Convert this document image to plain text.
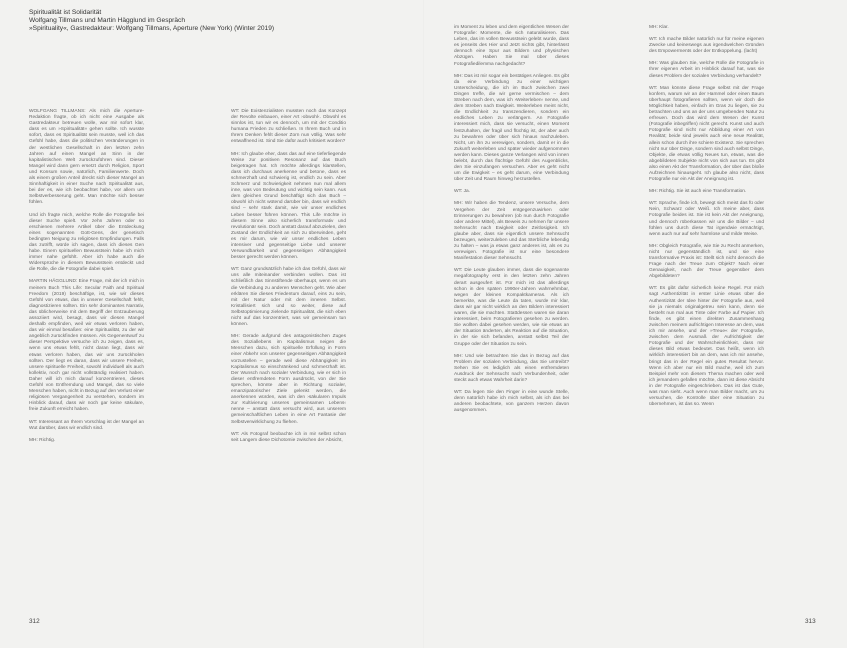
Spiritualität ist Solidarität
Wolfgang Tillmans und Martin Hägglund im Gespräch
»Spirituality«, Gastredakteur: Wolfgang Tillmans, Aperture (New York) (Winter 2019)

WOLFGANG TILLMANS: Als mich die Aperture-Redaktion fragte, ob ich nicht eine Ausgabe als Gastredakteur betreuen wolle, war mir sofort klar, dass es um »Spiritualität« gehen sollte. Ich wusste sofort, dass es Spiritualität sein musste, weil ich das Gefühl habe, dass die politischen Veränderungen in der westlichen Gesellschaft in den letzten zehn Jahren auf einen Mangel an Sinn in der kapitalistischen Welt zurückzuführen sind. Dieser Mangel wird dann gern ersetzt durch Religion, Sport und Konsum sowie, natürlich, Familienwerte. Doch als einem großen Anteil dreckt sich dieser Mangel an Sinnhaftigkeit in einer Suche nach Spiritualität aus, bei der es, wie ich beobachtet habe, vor allem um Selbstverbesserung geht. Man möchte sich besser fühlen.

Und ich fragte mich, welche Rolle die Fotografie bei dieser Suche spielt. Vor zehn Jahren oder so erschienen mehrere Artikel über die Entdeckung eines sogenannten Gott-Gens, der genetisch bedingten Neigung zu religiösen Empfindungen. Falls das zutrifft, würde ich sagen, dass ich dieses Gen habe. Einem spirituellen Bewusstsein habe ich mich immer nahe gefühlt. Aber ich habe auch die Widersprüche in diesem Bewusstsein entdeckt und die Rolle, die die Fotografie dabei spielt.

MARTIN HÄGGLUND: Eine Frage, mit der ich mich in meinem Buch This Life: Secular Faith and Spiritual Freedom (2019) beschäftige, ist, wie wir dieses Gefühl von etwas, das in unserer Gesellschaft fehlt, diagnostizieren sollten. Ein sehr dominantes Narrativ, das üblicherweise mit dem Begriff der Entzauberung assoziiert wird, besagt, dass wir diesen Mangel deshalb empfinden, weil wir etwas verloren haben, das wir einmal besaßen: eine Spiritualität, zu der wir angeblich zurückfinden müssen. Als Gegenentwurf zu dieser Perspektive versuche ich zu zeigen, dass es, wenn uns etwas fehlt, nicht daran liegt, dass wir etwas verloren haben, das wir uns zurückholen sollten. Der liegt es daran, dass wir unsere Freiheit, unsere spirituelle Freiheit, sowohl individuell als auch kollektiv, noch gar nicht vollständig realisiert haben. Daher will ich mich darauf konzentrieren, dieses Gefühl von Entfremdung und Mangel, das so viele Menschen haben, nicht in Bezug auf den Verlust einer religiösen Vergangenheit zu verstehen, sondern im Hinblick darauf, dass wir noch gar keine säkulare, freie Zukunft erreicht haben.

WT: Interessant an Ihrem Vorschlag ist der Mangel an Wut darüber, dass wir endlich sind.

MH: Richtig.

WT: Die Existenzialisten mussten noch das Konzept der Revolte einbauen, einer Art ›obwohl‹. Obwohl es sinnlos ist, tun wir es dennoch, um mit der Conditio humana Frieden zu schließen. In Ihrem Buch und in Ihrem Denken fehlt dieser Zorn nun völlig. Was sehr entwaffnend ist. Sind Sie dafür auch kritisiert worden?

MH: Ich glaube eher, dass das auf eine tieferliegende Weise zur positiven Resonanz auf das Buch beigetragen hat. Ich möchte allerdings klarstellen, dass ich durchaus anerkenne und betone, dass es schmerzhaft und schwierig ist, endlich zu sein. Aber Schmerz und Schwierigkeit nehmen nun mal allem inne, was von Bedeutung und wichtig sein kann. Aus dem gleichen Grund beschäftigt sich das Buch – obwohl ich nicht wütend darüber bin, dass wir endlich sind – sehr stark damit, wie wir unser endliches Leben besser führen können. This Life möchte in diesem Sinne also sicherlich transformativ und revolutionär sein. Doch anstatt darauf abzuzielen, den Zustand der Endlichkeit an sich zu überwinden, geht es mir darum, wie wir unser endliches Leben intensiver und gegenseitige Liebe und unserer Verwundbarkeit und gegenseitigen Abhängigkeit besser gerecht werden können.

WT: Ganz grundsätzlich habe ich das Gefühl, dass wir uns alle miteinander verbinden wollen. Das ist schließlich das Sinnstiftende überhaupt, wenn es um die Verbindung zu anderen Menschen geht. Wie aber erklären Sie dieses Friedentum darauf, eins zu sein, mit der Natur oder mit dem inneren Selbst. Kristallisiert sich und so weiter, diese auf Selbstoptimierung zielende Spiritualität, die sich eben nicht auf das konzentriert, was wir gemeinsam tun können.

MH: Gerade aufgrund des antagonistischen Zuges des Soziallebens im Kapitalismus neigen die Menschen dazu, sich spirituelle Erfüllung in Form einer Abkehr von unserer gegenseitigen Abhängigkeit vorzustellen – gerade weil diese Abhängigkeit im Kapitalismus so einschränkend und schmerzhaft ist. Der Wunsch nach sozialer Verbindung, wie er sich in dieser entfremdeten Form ausdrückt, von der Sie sprechen, könnte aber in Richtung sozialer, emanzipatorischer Ziele gelenkt werden, die anerkennen würden, was ich den ›säkularen Impuls zur Kultivierung unseres gemeinsamen Lebens‹ nenne – anstatt dass versucht wird, aus unserem gemeinschaftlichen Leben in eine Art Fantasie der Selbstverwirklichung zu fliehen.

WT: Als Fotograf beobachte ich in mir selbst schon seit Langem diese Dichotomie zwischen der Absicht,

im Moment zu leben und dem eigentlichen Wesen der Fotografie: Momente, die sich naturalisieren. Das Leben, das im vollen Bewusstsein gelebt wurde, dass es jenseits des Hier und Jetzt nichts gibt, hinterlässt dennoch eine Spur aus Bildern und physischen Abzügen. Haben Sie mal über dieses Fotografiedilemma nachgedacht?

MH: Das ist mir sogar ein bestätiges Anliegen. Es gibt da eine Verbindung zu einer wichtigen Unterscheidung, die ich im Buch zwischen zwei Dingen treffe, die wir gerne vermischen – dem Streben nach dem, was ich ›Weiterleben‹ nenne, und dem Streben nach Ewigkeit. Weiterleben meint nicht, die Endlichkeit zu transzendieren, sondern ein endliches Leben zu verlängern. An Fotografie interessiert mich, dass sie versucht, einen Moment festzuhalten, der fragil und flüchtig ist, der aber auch zu bewahren oder über sich hinaus nachzuleben. Nicht, um ihn zu verewigen, sondern, damit er in die Zukunft weiterleben und später wieder aufgenommen werden kann. Dieses ganze Verlangen wird von innen belebt, durch das flüchtige Gefühl des Augenblicks, den Sie einzufangen versuchen. Aber es geht nicht um die Ewigkeit – es geht darum, eine Verbindung über Zeit und Raum hinweg herzustellen.

WT: Ja.

MH: Wir haben die Tendenz, unsere Versuche, dem Vergehen der Zeit entgegenzuwirken oder Erinnerungen zu bewahren (ob nun durch Fotografie oder andere Mittel), als Beweis zu nehmen für unsere Sehnsucht nach Ewigkeit oder Zeitlosigkeit. Ich glaube aber, dass sie eigentlich unsere Sehnsucht bezeugen, weiterzuleben und das Sterbliche lebendig zu halten – was ja etwas ganz anderes ist, als es zu verewigen. Fotografie ist nur eine besondere Manifestation dieser Sehnsucht.

WT: Die Leute glauben immer, dass die sogenannte megafotography erst in den letzten zehn Jahren derart ausgeufert ist. Für mich ist das allerdings schon in den späten 1990er-Jahren wahrnehmbar, wegen der kleinen Kompaktkameras. Als ich bemerkte, was die Leute da taten, wurde mir klar, dass wir gar nicht wirklich an den Bildern interessiert waren, die sie machten. Stattdessen waren sie daran interessiert, beim Fotografieren gesehen zu werden. Sie wollten dabei gesehen werden, wie sie etwas an der Situation änderten, als Reaktion auf die Situation, in der sie sich befanden, anstatt selbst Teil der Gruppe oder der Situation zu sein.

MH: Und wie betrachten Sie das in Bezug auf das Problem der sozialen Verbindung, das Sie umtreibt? Sehen Sie es lediglich als einen entfremdeten Ausdruck der Sehnsucht nach Verbundenheit, oder steckt auch etwas Wahrheit darin?

WT: Da legen Sie den Finger in eine wunde Stelle, denn natürlich habe ich mich selbst, als ich das bei anderen beobachtete, von ganzem Herzen davon ausgenommen.

MH: Klar.

WT: Ich mache Bilder natürlich nur für meine eigenen Zwecke und keineswegs aus irgendwelchen Gründen des Empowerments oder der Entkoppelung. (lacht)

MH: Was glauben Sie, welche Rolle die Fotografie in Ihrer eigenen Arbeit im Hinblick darauf hat, was sie dieses Problem der sozialen Verbindung verhandelt?

WT: Man könnte diese Frage selbst mit der Frage konfern, warum wir an der Hammel oder einen Baum überhaupt fotografieren sollten, wenn wir doch die Möglichkeit haben, einfach im Gras zu liegen, sie zu betrachten und uns an der uns umgebenden Natur zu erfreuen. Doch das wird dem Wesen der Kunst (Fotografie inbegriffen) nicht gerecht. Kunst und auch Fotografie sind nicht nur Abbildung einer Art von Realität; beide sind jeweils auch eine neue Realität, allein schon durch ihre schiere Existenz. Sie sprechen nicht nur über Dinge, sondern sind auch selbst Dinge, Objekte, die etwas völlig Neues tun, etwas, was die abgebildeten Subjekte nicht von sich aus tun. Es gibt also einen Akt der Transformation, der über das bloße Aufzeichnen hinausgeht. Ich glaube also nicht, dass Fotografie nur ein Akt der Aneignung ist.

MH: Richtig. Sie ist auch eine Transformation.

WT: Sprache, finde ich, bewegt sich meist das fü oder Nein, Schwarz oder Weiß. Ich meine aber, dass Fotografie beides ist. Sie ist kein Akt der Aneignung, und dennoch rüberkassen wir uns die Bilder – und fühlen uns durch diese Tat irgendwie ermächtigt, wenn auch nur auf sehr harmlose und milde Weise.

MH: Obgleich Fotografie, wie Sie zu Recht anmerken, nicht nur gegenständlich ist, und sie eine transformative Praxis ist: Stellt sich nicht dennoch die Frage nach der Treue zum Objekt? Nach einer Genauigkeit, nach der Treue gegenüber dem Abgebildeten?

WT: Es gibt dafür sicherlich keine Regel. Für mich sagt Authentizität in erster Linie etwas über die Authentizität der Idee hinter der Fotografie aus, weil sie ja niemals originalgetreu sein kann, denn sie besteht nun mal aus Tinte oder Farbe auf Papier. Ich finde, es gibt einen direkten Zusammenhang zwischen meinem aufrichtigen Interesse an dem, was ich mir ansehe, und der »Treue« der Fotografie, zwischen dem Ausmaß der Aufrichtigkeit der Fotografie und der Wahrscheinlichkeit, dass mir dieses Bild etwas bedeutet. Das heißt, wenn ich wirklich interessiert bin an dem, was ich mir ansehe, bringt das in der Regel ein gutes Resultat hervor. Wenn ich aber nur ein Bild mache, weil ich zum Beispiel mehr von diesem Thema machen oder weil ich jemandem gefallen möchte, dann ist diese Absicht in der Fotografie eingeschrieben. Das ist das Gute, was man sieht. Auch wenn man Bilder macht, um zu versuchen, die Kontrolle über eine Situation zu übernehmen, ist das so. Wenn

312	313
